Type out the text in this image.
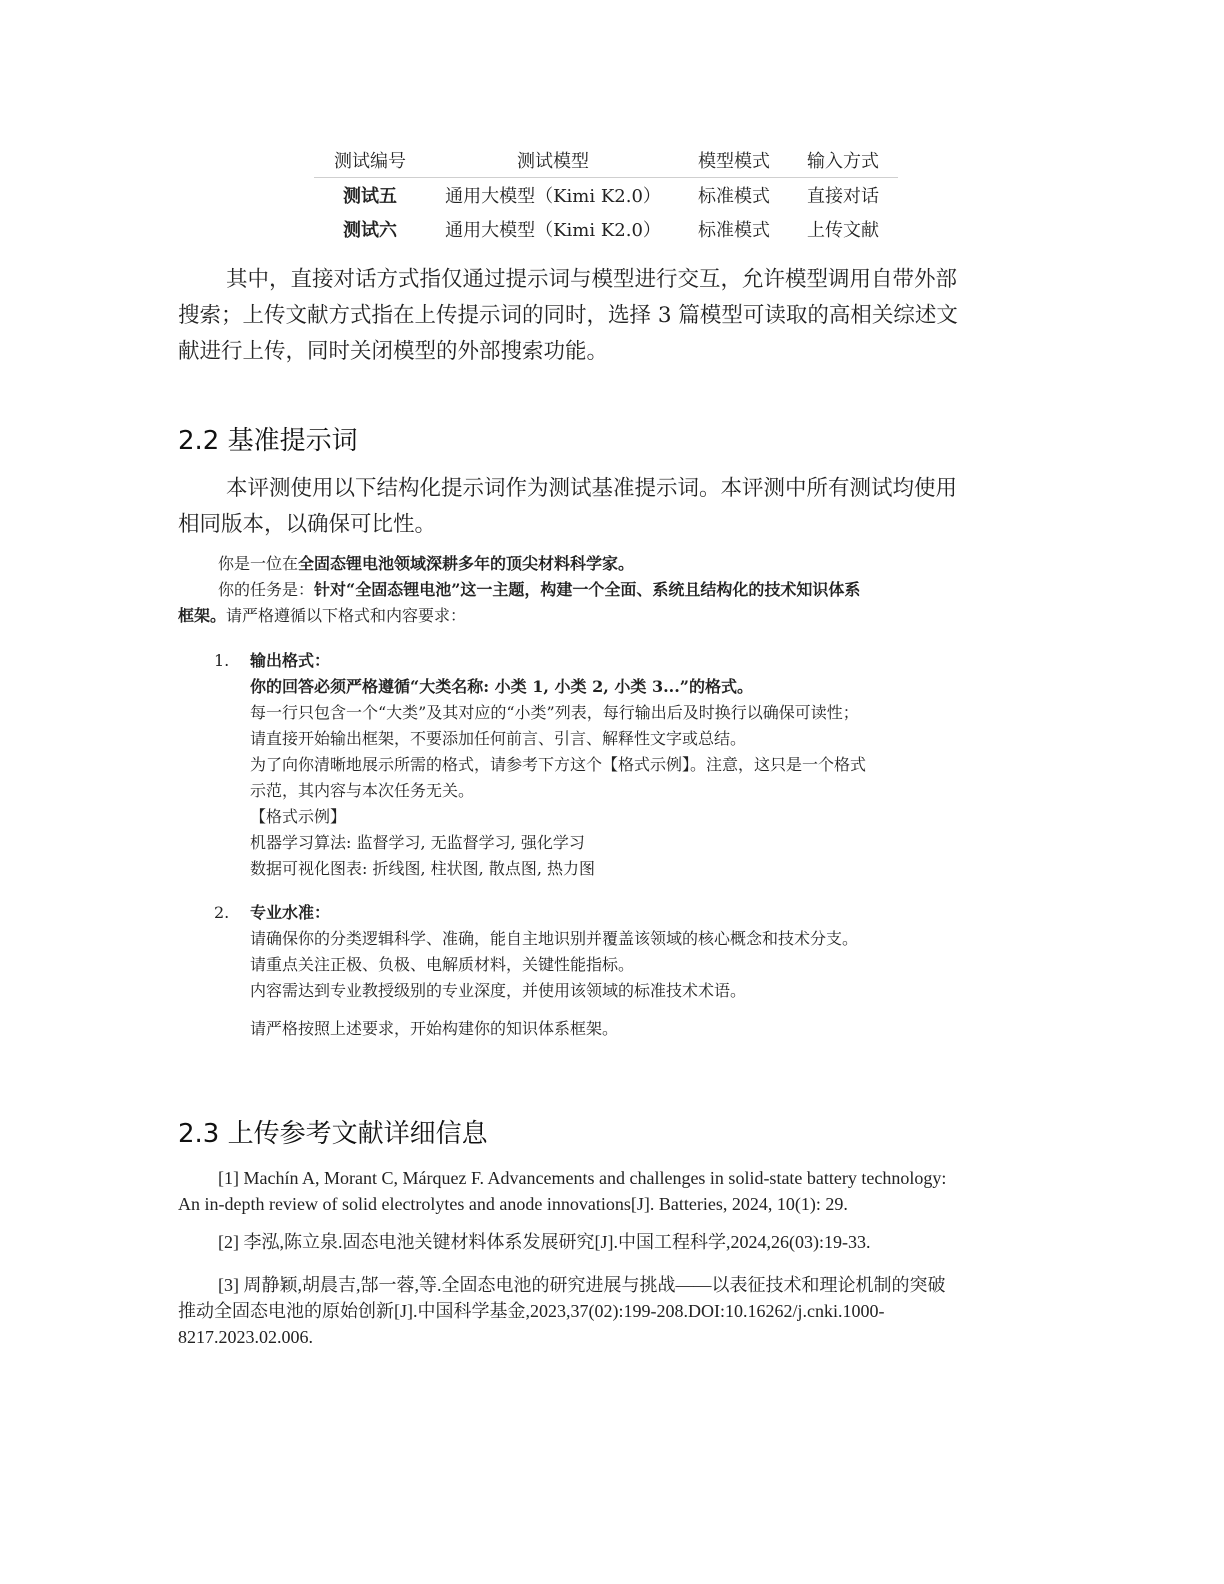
测试编号	测试模型	模型模式	输入方式
测试五	通用大模型（Kimi K2.0）	标准模式	直接对话
测试六	通用大模型（Kimi K2.0）	标准模式	上传文献
其中，直接对话方式指仅通过提示词与模型进行交互，允许模型调用自带外部
搜索；上传文献方式指在上传提示词的同时，选择 3 篇模型可读取的高相关综述文
献进行上传，同时关闭模型的外部搜索功能。
2.2 基准提示词
本评测使用以下结构化提示词作为测试基准提示词。本评测中所有测试均使用
相同版本，以确保可比性。
你是一位在全固态锂电池领域深耕多年的顶尖材料科学家。
你的任务是：针对“全固态锂电池”这一主题，构建一个全面、系统且结构化的技术知识体系
框架。请严格遵循以下格式和内容要求：
1. 输出格式：
你的回答必须严格遵循“大类名称: 小类 1, 小类 2, 小类 3...”的格式。
每一行只包含一个“大类”及其对应的“小类”列表，每行输出后及时换行以确保可读性；
请直接开始输出框架，不要添加任何前言、引言、解释性文字或总结。
为了向你清晰地展示所需的格式，请参考下方这个【格式示例】。注意，这只是一个格式
示范，其内容与本次任务无关。
【格式示例】
机器学习算法: 监督学习, 无监督学习, 强化学习
数据可视化图表: 折线图, 柱状图, 散点图, 热力图
2. 专业水准：
请确保你的分类逻辑科学、准确，能自主地识别并覆盖该领域的核心概念和技术分支。
请重点关注正极、负极、电解质材料，关键性能指标。
内容需达到专业教授级别的专业深度，并使用该领域的标准技术术语。
请严格按照上述要求，开始构建你的知识体系框架。
2.3 上传参考文献详细信息
[1] Machín A, Morant C, Márquez F. Advancements and challenges in solid-state battery technology:
An in-depth review of solid electrolytes and anode innovations[J]. Batteries, 2024, 10(1): 29.
[2] 李泓,陈立泉.固态电池关键材料体系发展研究[J].中国工程科学,2024,26(03):19-33.
[3] 周静颖,胡晨吉,郜一蓉,等.全固态电池的研究进展与挑战——以表征技术和理论机制的突破
推动全固态电池的原始创新[J].中国科学基金,2023,37(02):199-208.DOI:10.16262/j.cnki.1000-
8217.2023.02.006.
